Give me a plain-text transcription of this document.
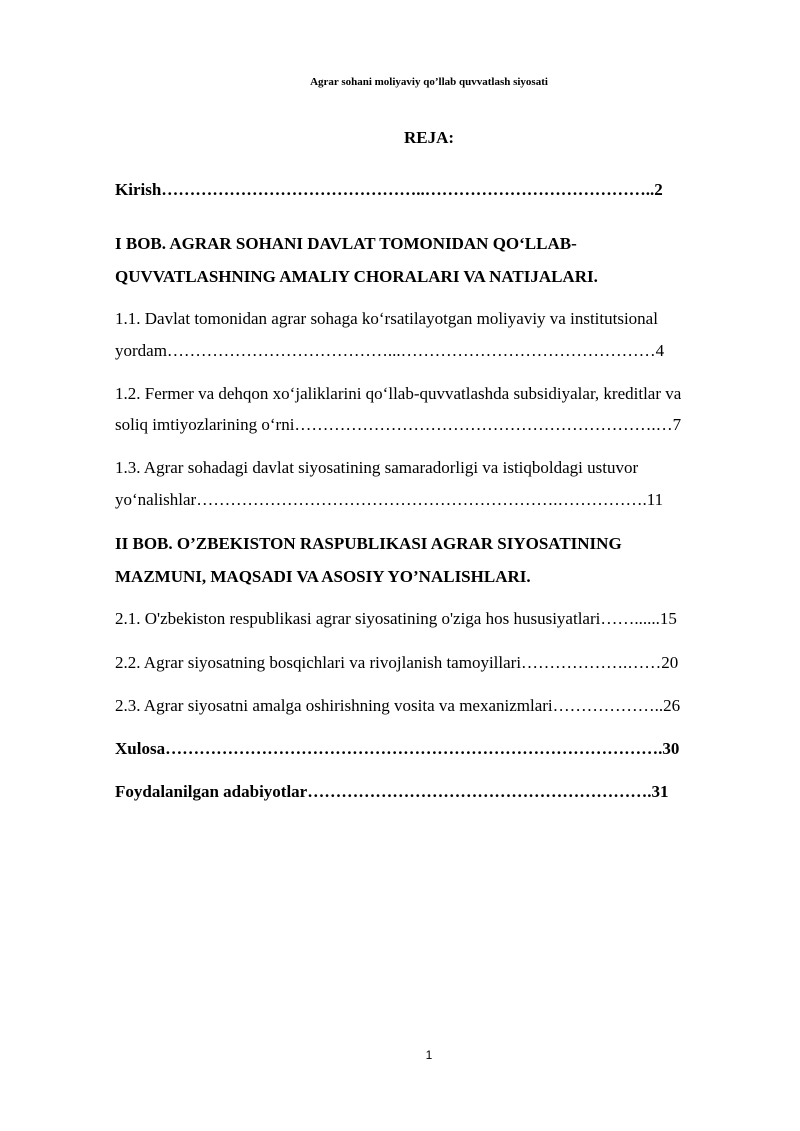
Agrar sohani moliyaviy qo’llab quvvatlash siyosati

REJA:

Kirish………………………………………..…………………………………..2

I BOB. AGRAR SOHANI DAVLAT TOMONIDAN QO‘LLAB-

QUVVATLASHNING AMALIY CHORALARI VA NATIJALARI.

1.1. Davlat tomonidan agrar sohaga ko‘rsatilayotgan moliyaviy va institutsional

yordam…………………………………...………………………………………4

1.2. Fermer va dehqon xo‘jaliklarini qo‘llab-quvvatlashda subsidiyalar, kreditlar va

soliq imtiyozlarining o‘rni……………………………………………………….…7

1.3. Agrar sohadagi davlat siyosatining samaradorligi va istiqboldagi ustuvor

yo‘nalishlar……………………………………………………….…………….11

II BOB. O’ZBEKISTON RASPUBLIKASI AGRAR SIYOSATINING

MAZMUNI, MAQSADI VA ASOSIY YO’NALISHLARI.

2.1. O'zbekiston respublikasi agrar siyosatining o'ziga hos hususiyatlari……......15

2.2. Agrar siyosatning bosqichlari va rivojlanish tamoyillari……………….……20

2.3. Agrar siyosatni amalga oshirishning vosita va mexanizmlari………………..26

Xulosa…………………………………………………………………………….30

Foydalanilgan adabiyotlar…………………………………………………….31

1
